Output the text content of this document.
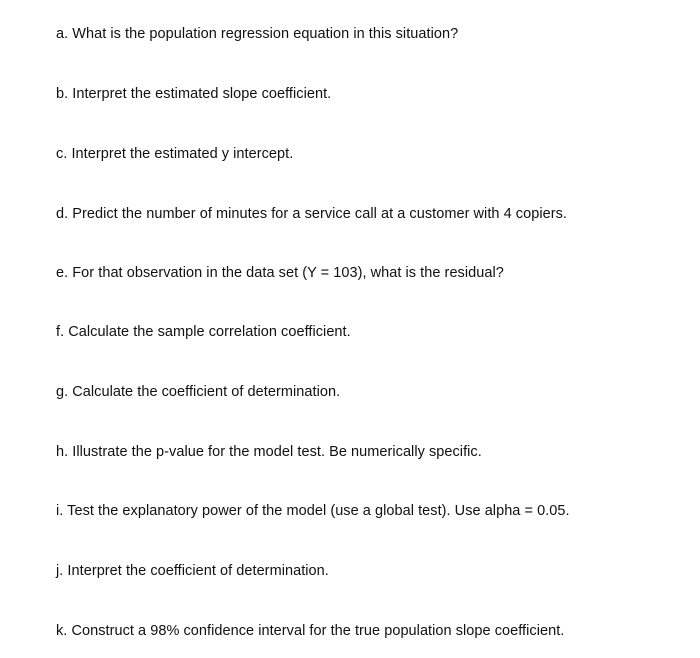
a. What is the population regression equation in this situation?

b. Interpret the estimated slope coefficient.

c. Interpret the estimated y intercept.

d. Predict the number of minutes for a service call at a customer with 4 copiers.

e. For that observation in the data set (Y = 103), what is the residual?

f. Calculate the sample correlation coefficient.

g. Calculate the coefficient of determination.

h. Illustrate the p-value for the model test. Be numerically specific.

i. Test the explanatory power of the model (use a global test). Use alpha = 0.05.

j. Interpret the coefficient of determination.

k. Construct a 98% confidence interval for the true population slope coefficient.
